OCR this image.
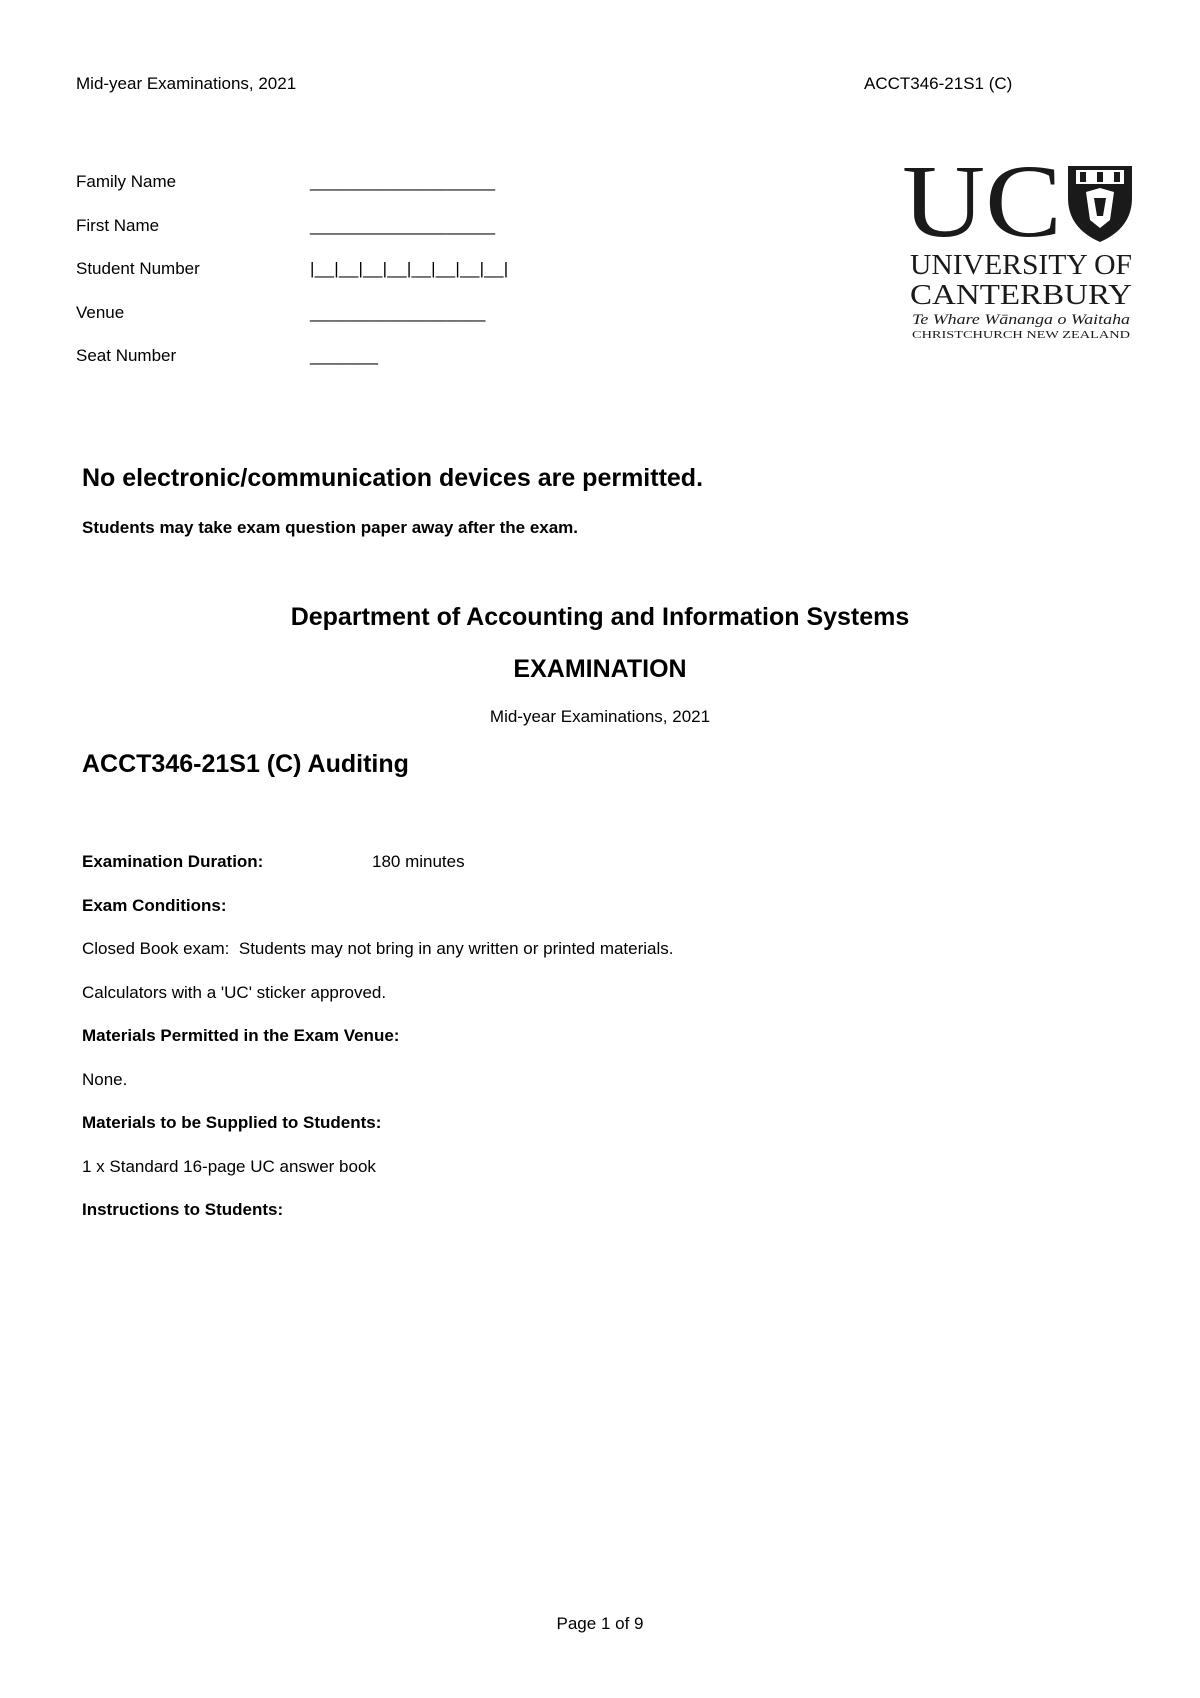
Mid-year Examinations, 2021	ACCT346-21S1 (C)
Family Name	___________________
First Name	___________________
Student Number	|__|__|__|__|__|__|__|__|
Venue	__________________
Seat Number	_______
UC
UNIVERSITY OF
CANTERBURY
Te Whare Wānanga o Waitaha
CHRISTCHURCH NEW ZEALAND
No electronic/communication devices are permitted.
Students may take exam question paper away after the exam.
Department of Accounting and Information Systems
EXAMINATION
Mid-year Examinations, 2021
ACCT346-21S1 (C) Auditing
Examination Duration:	180 minutes
Exam Conditions:
Closed Book exam:  Students may not bring in any written or printed materials.
Calculators with a 'UC' sticker approved.
Materials Permitted in the Exam Venue:
None.
Materials to be Supplied to Students:
1 x Standard 16-page UC answer book
Instructions to Students:
Page 1 of 9
